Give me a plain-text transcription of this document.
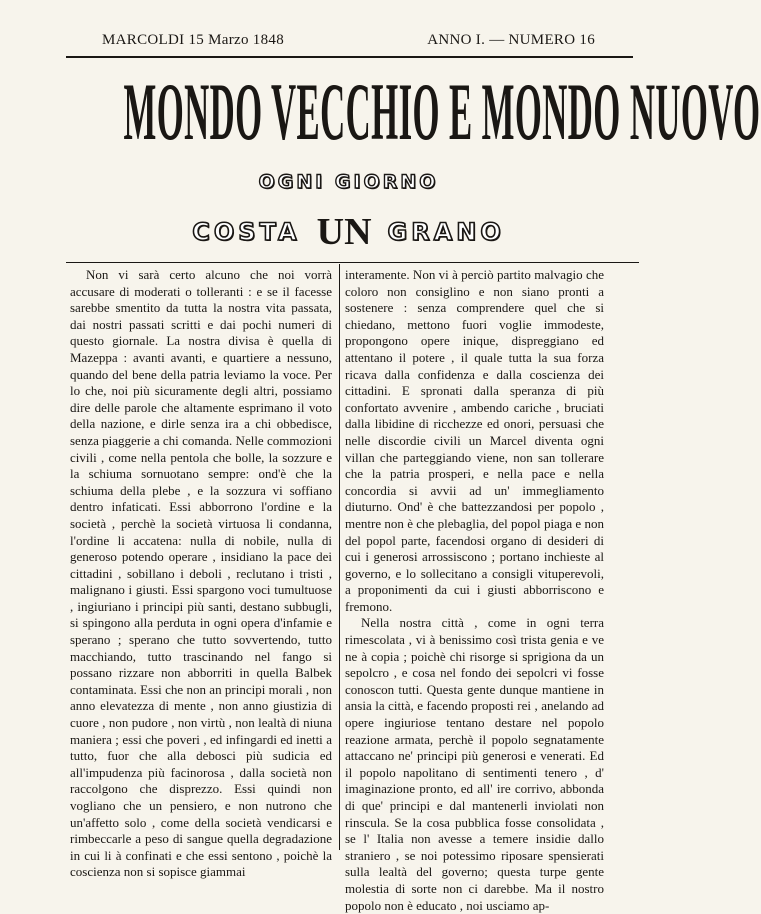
MARCOLDI 15 Marzo 1848	ANNO I. — NUMERO 16
MONDO VECCHIO E MONDO NUOVO
OGNI GIORNO
COSTA UN GRANO

Non vi sarà certo alcuno che noi vorrà accusare di moderati o tolleranti : e se il facesse sarebbe smentito da tutta la nostra vita passata, dai nostri passati scritti e dai pochi numeri di questo giornale. La nostra divisa è quella di Mazeppa : avanti avanti, e quartiere a nessuno, quando del bene della patria leviamo la voce. Per lo che, noi più sicuramente degli altri, possiamo dire delle parole che altamente esprimano il voto della nazione, e dirle senza ira a chi obbedisce, senza piaggerie a chi comanda. Nelle commozioni civili , come nella pentola che bolle, la sozzure e la schiuma sornuotano sempre: ond'è che la schiuma della plebe , e la sozzura vi soffiano dentro infaticati. Essi abborrono l'ordine e la società , perchè la società virtuosa li condanna, l'ordine li accatena: nulla di nobile, nulla di generoso potendo operare , insidiano la pace dei cittadini , sobillano i deboli , reclutano i tristi , malignano i giusti. Essi spargono voci tumultuose , ingiuriano i principi più santi, destano subbugli, si spingono alla perduta in ogni opera d'infamie e sperano ; sperano che tutto sovvertendo, tutto macchiando, tutto trascinando nel fango si possano rizzare non abborriti in quella Balbek contaminata. Essi che non an principi morali , non anno elevatezza di mente , non anno giustizia di cuore , non pudore , non virtù , non lealtà di niuna maniera ; essi che poveri , ed infingardi ed inetti a tutto, fuor che alla debosci più sudicia ed all'impudenza più facinorosa , dalla società non raccolgono che disprezzo. Essi quindi non vogliano che un pensiero, e non nutrono che un'affetto solo , come della società vendicarsi e rimbeccarle a peso di sangue quella degradazione in cui li à confinati e che essi sentono , poichè la coscienza non si sopisce giammai

interamente. Non vi à perciò partito malvagio che coloro non consiglino e non siano pronti a sostenere : senza comprendere quel che si chiedano, mettono fuori voglie immodeste, propongono opere inique, dispreggiano ed attentano il potere , il quale tutta la sua forza ricava dalla confidenza e dalla coscienza dei cittadini. E spronati dalla speranza di più confortato avvenire , ambendo cariche , bruciati dalla libidine di ricchezze ed onori, persuasi che nelle discordie civili un Marcel diventa ogni villan che parteggiando viene, non san tollerare che la patria prosperi, e nella pace e nella concordia si avvii ad un' immegliamento diuturno. Ond' è che battezzandosi per popolo , mentre non è che plebaglia, del popol piaga e non del popol parte, facendosi organo di desideri di cui i generosi arrossiscono ; portano inchieste al governo, e lo sollecitano a consigli vituperevoli, a proponimenti da cui i giusti abborriscono e fremono.

Nella nostra città , come in ogni terra rimescolata , vi à benissimo così trista genia e ve ne à copia ; poichè chi risorge si sprigiona da un sepolcro , e cosa nel fondo dei sepolcri vi fosse conoscon tutti. Questa gente dunque mantiene in ansia la città, e facendo proposti rei , anelando ad opere ingiuriose tentano destare nel popolo reazione armata, perchè il popolo segnatamente attaccano ne' principi più generosi e venerati. Ed il popolo napolitano di sentimenti tenero , d' imaginazione pronto, ed all' ire corrivo, abbonda di que' principi e dal mantenerli inviolati non rinscula. Se la cosa pubblica fosse consolidata , se l' Italia non avesse a temere insidie dallo straniero , se noi potessimo riposare spensierati sulla lealtà del governo; questa turpe gente molestia di sorte non ci darebbe. Ma il nostro popolo non è educato , noi usciamo ap-
